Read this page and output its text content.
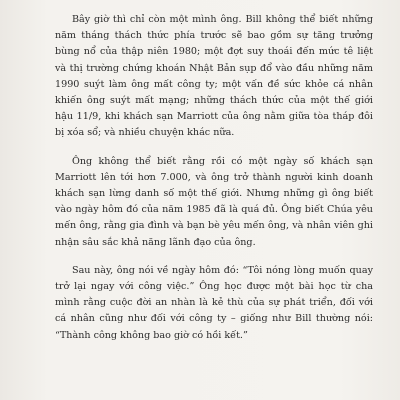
Bây giờ thì chỉ còn một mình ông. Bill không thể biết những năm tháng thách thức phía trước sẽ bao gồm sự tăng trưởng bùng nổ của thập niên 1980; một đợt suy thoái đến mức tê liệt và thị trường chứng khoán Nhật Bản sụp đổ vào đầu những năm 1990 suýt làm ông mất công ty; một vấn đề sức khỏe cá nhân khiến ông suýt mất mạng; những thách thức của một thế giới hậu 11/9, khi khách sạn Marriott của ông nằm giữa tòa tháp đôi bị xóa sổ; và nhiều chuyện khác nữa.

Ông không thể biết rằng rồi có một ngày số khách sạn Marriott lên tới hơn 7.000, và ông trở thành người kinh doanh khách sạn lừng danh số một thế giới. Nhưng những gì ông biết vào ngày hôm đó của năm 1985 đã là quá đủ. Ông biết Chúa yêu mến ông, rằng gia đình và bạn bè yêu mến ông, và nhân viên ghi nhận sâu sắc khả năng lãnh đạo của ông.

Sau này, ông nói về ngày hôm đó: “Tôi nóng lòng muốn quay trở lại ngay với công việc.” Ông học được một bài học từ cha mình rằng cuộc đời an nhàn là kẻ thù của sự phát triển, đối với cá nhân cũng như đối với công ty – giống như Bill thường nói: “Thành công không bao giờ có hồi kết.”
